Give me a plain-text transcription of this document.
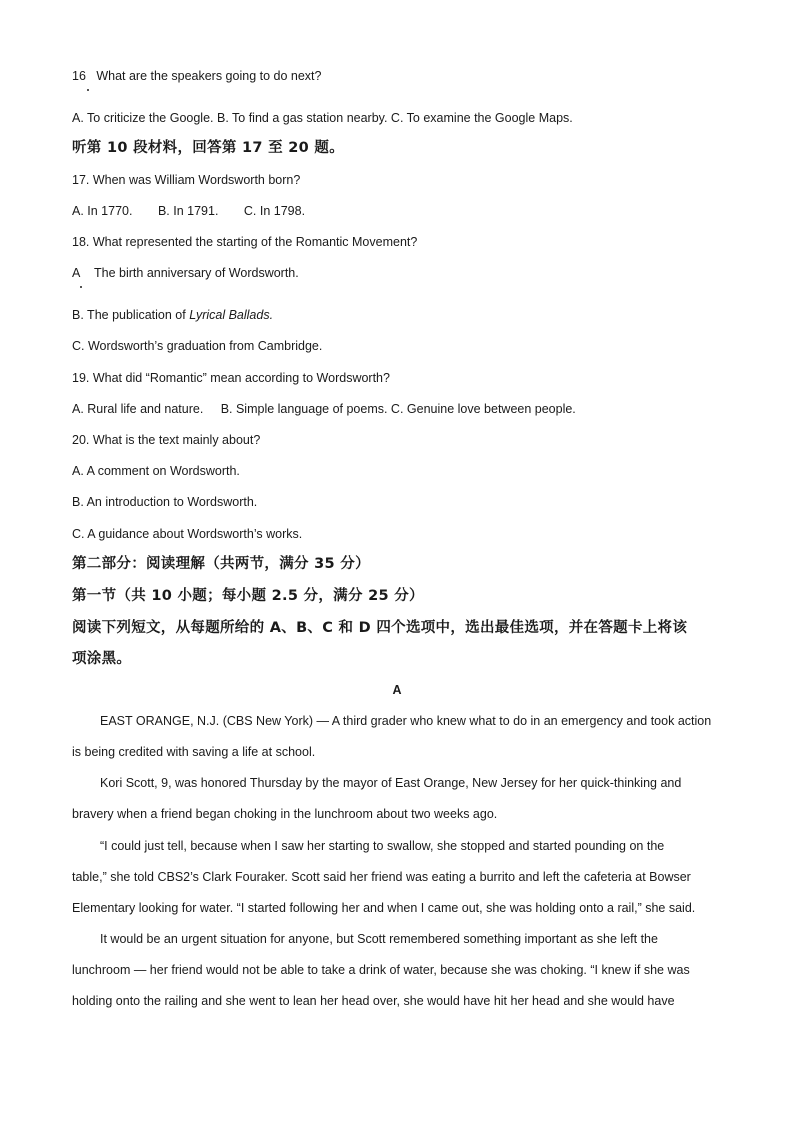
16 What are the speakers going to do next?
A. To criticize the Google. B. To find a gas station nearby. C. To examine the Google Maps.
听第 10 段材料，回答第 17 至 20 题。
17. When was William Wordsworth born?
A. In 1770. B. In 1791. C. In 1798.
18. What represented the starting of the Romantic Movement?
A The birth anniversary of Wordsworth.
B. The publication of Lyrical Ballads.
C. Wordsworth’s graduation from Cambridge.
19. What did “Romantic” mean according to Wordsworth?
A. Rural life and nature.     B. Simple language of poems. C. Genuine love between people.
20. What is the text mainly about?
A. A comment on Wordsworth.
B. An introduction to Wordsworth.
C. A guidance about Wordsworth’s works.
第二部分：阅读理解（共两节，满分 35 分）
第一节（共 10 小题；每小题 2.5 分，满分 25 分）
阅读下列短文，从每题所给的 A、B、C 和 D 四个选项中，选出最佳选项，并在答题卡上将该
项涂黑。
A
EAST ORANGE, N.J. (CBS New York) — A third grader who knew what to do in an emergency and took action
is being credited with saving a life at school.
Kori Scott, 9, was honored Thursday by the mayor of East Orange, New Jersey for her quick-thinking and
bravery when a friend began choking in the lunchroom about two weeks ago.
“I could just tell, because when I saw her starting to swallow, she stopped and started pounding on the
table,” she told CBS2’s Clark Fouraker. Scott said her friend was eating a burrito and left the cafeteria at Bowser
Elementary looking for water. “I started following her and when I came out, she was holding onto a rail,” she said.
It would be an urgent situation for anyone, but Scott remembered something important as she left the
lunchroom — her friend would not be able to take a drink of water, because she was choking. “I knew if she was
holding onto the railing and she went to lean her head over, she would have hit her head and she would have
